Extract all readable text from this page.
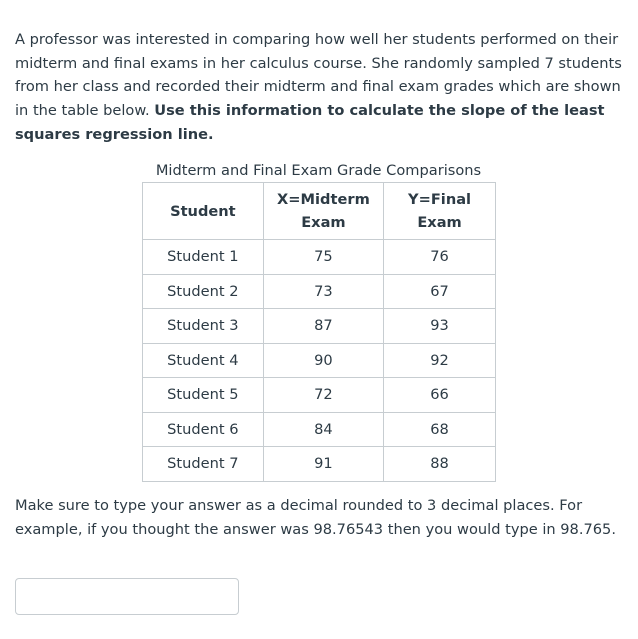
A professor was interested in comparing how well her students performed on their midterm and final exams in her calculus course. She randomly sampled 7 students from her class and recorded their midterm and final exam grades which are shown in the table below. Use this information to calculate the slope of the least squares regression line.

Midterm and Final Exam Grade Comparisons
Student	X=Midterm Exam	Y=Final Exam
Student 1	75	76
Student 2	73	67
Student 3	87	93
Student 4	90	92
Student 5	72	66
Student 6	84	68
Student 7	91	88

Make sure to type your answer as a decimal rounded to 3 decimal places. For example, if you thought the answer was 98.76543 then you would type in 98.765.
